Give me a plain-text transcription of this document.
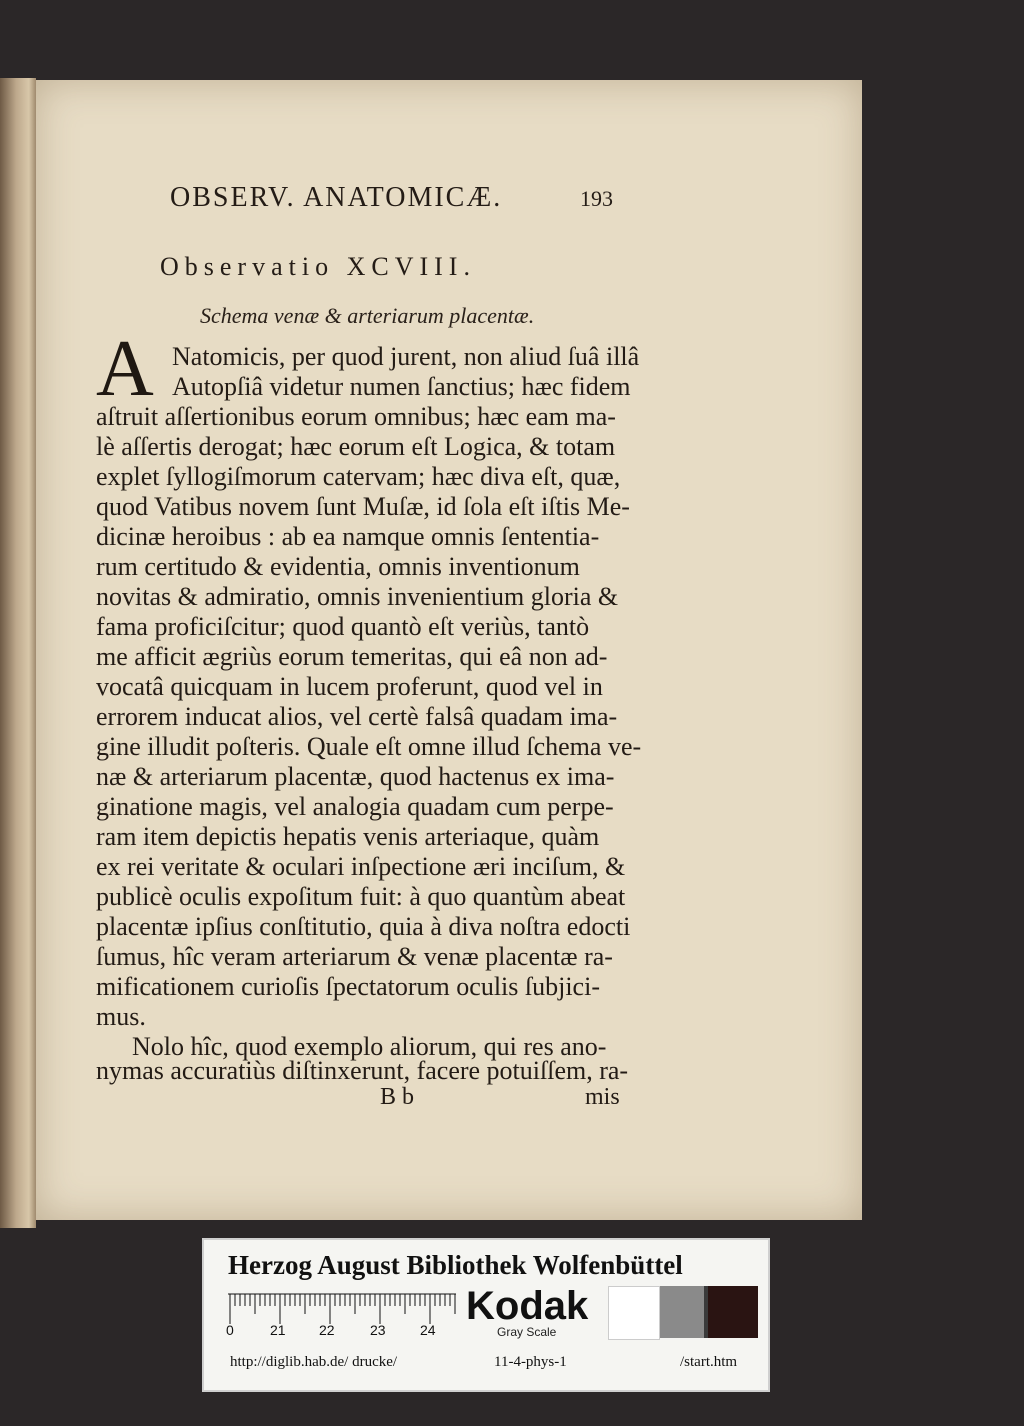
OBSERV. ANATOMICÆ.	193
Observatio XCVIII.
Schema venæ & arteriarum placentæ.
A Natomicis, per quod jurent, non aliud ſuâ illâ
Autopſiâ videtur numen ſanctius; hæc fidem
aſtruit aſſertionibus eorum omnibus; hæc eam ma-
lè aſſertis derogat; hæc eorum eſt Logica, & totam
explet ſyllogiſmorum catervam; hæc diva eſt, quæ,
quod Vatibus novem ſunt Muſæ, id ſola eſt iſtis Me-
dicinæ heroibus : ab ea namque omnis ſententia-
rum certitudo & evidentia, omnis inventionum
novitas & admiratio, omnis invenientium gloria &
fama proficiſcitur; quod quantò eſt veriùs, tantò
me afficit ægriùs eorum temeritas, qui eâ non ad-
vocatâ quicquam in lucem proferunt, quod vel in
errorem inducat alios, vel certè falsâ quadam ima-
gine illudit poſteris. Quale eſt omne illud ſchema ve-
næ & arteriarum placentæ, quod hactenus ex ima-
ginatione magis, vel analogia quadam cum perpe-
ram item depictis hepatis venis arteriaque, quàm
ex rei veritate & oculari inſpectione æri inciſum, &
publicè oculis expoſitum fuit: à quo quantùm abeat
placentæ ipſius conſtitutio, quia à diva noſtra edocti
ſumus, hîc veram arteriarum & venæ placentæ ra-
mificationem curioſis ſpectatorum oculis ſubjici-
mus.
Nolo hîc, quod exemplo aliorum, qui res ano-
nymas accuratiùs diſtinxerunt, facere potuiſſem, ra-
B b	mis
Herzog August Bibliothek Wolfenbüttel
0	21 22	23 24
Kodak
Gray Scale
http://diglib.hab.de/ drucke/	11-4-phys-1	/start.htm
